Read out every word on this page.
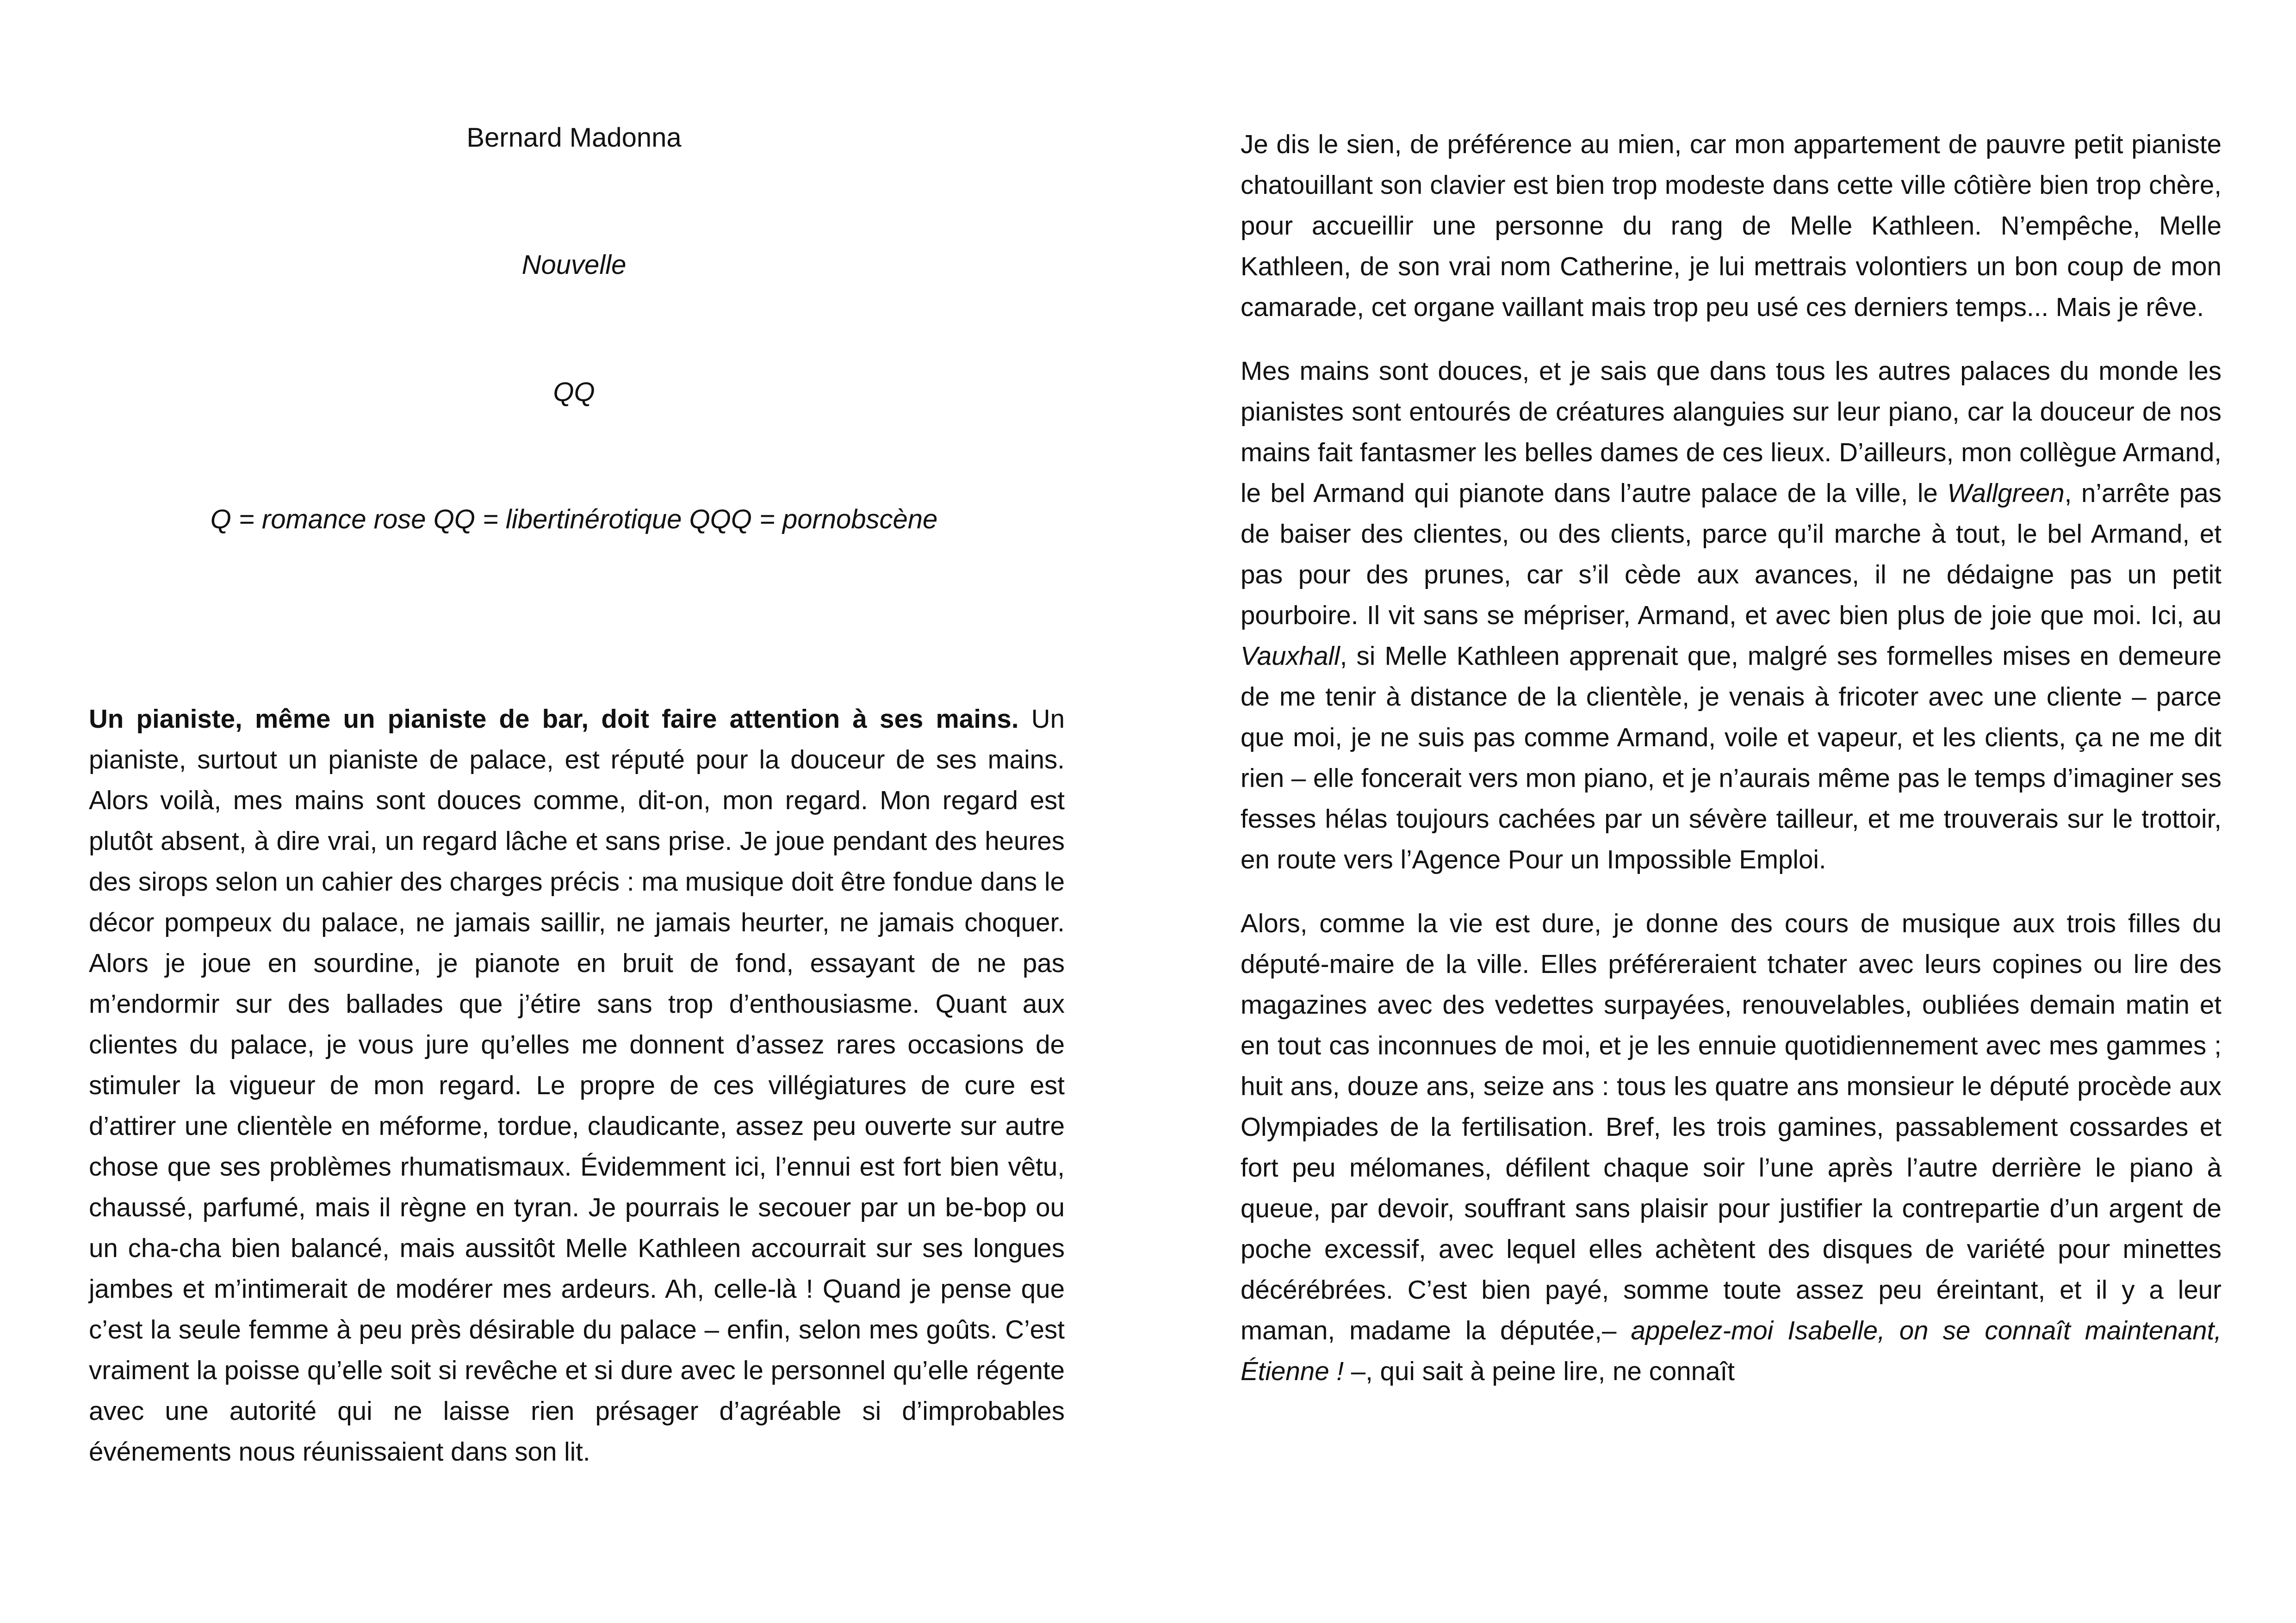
Bernard Madonna
Nouvelle
QQ
Q = romance rose QQ = libertinérotique QQQ = pornobscène

Un pianiste, même un pianiste de bar, doit faire attention à ses mains. Un pianiste, surtout un pianiste de palace, est réputé pour la douceur de ses mains. Alors voilà, mes mains sont douces comme, dit-on, mon regard. Mon regard est plutôt absent, à dire vrai, un regard lâche et sans prise. Je joue pendant des heures des sirops selon un cahier des charges précis : ma musique doit être fondue dans le décor pompeux du palace, ne jamais saillir, ne jamais heurter, ne jamais choquer. Alors je joue en sourdine, je pianote en bruit de fond, essayant de ne pas m’endormir sur des ballades que j’étire sans trop d’enthousiasme. Quant aux clientes du palace, je vous jure qu’elles me donnent d’assez rares occasions de stimuler la vigueur de mon regard. Le propre de ces villégiatures de cure est d’attirer une clientèle en méforme, tordue, claudicante, assez peu ouverte sur autre chose que ses problèmes rhumatismaux. Évidemment ici, l’ennui est fort bien vêtu, chaussé, parfumé, mais il règne en tyran. Je pourrais le secouer par un be-bop ou un cha-cha bien balancé, mais aussitôt Melle Kathleen accourrait sur ses longues jambes et m’intimerait de modérer mes ardeurs. Ah, celle-là ! Quand je pense que c’est la seule femme à peu près désirable du palace – enfin, selon mes goûts. C’est vraiment la poisse qu’elle soit si revêche et si dure avec le personnel qu’elle régente avec une autorité qui ne laisse rien présager d’agréable si d’improbables événements nous réunissaient dans son lit.

Je dis le sien, de préférence au mien, car mon appartement de pauvre petit pianiste chatouillant son clavier est bien trop modeste dans cette ville côtière bien trop chère, pour accueillir une personne du rang de Melle Kathleen. N’empêche, Melle Kathleen, de son vrai nom Catherine, je lui mettrais volontiers un bon coup de mon camarade, cet organe vaillant mais trop peu usé ces derniers temps... Mais je rêve.

Mes mains sont douces, et je sais que dans tous les autres palaces du monde les pianistes sont entourés de créatures alanguies sur leur piano, car la douceur de nos mains fait fantasmer les belles dames de ces lieux. D’ailleurs, mon collègue Armand, le bel Armand qui pianote dans l’autre palace de la ville, le Wallgreen, n’arrête pas de baiser des clientes, ou des clients, parce qu’il marche à tout, le bel Armand, et pas pour des prunes, car s’il cède aux avances, il ne dédaigne pas un petit pourboire. Il vit sans se mépriser, Armand, et avec bien plus de joie que moi. Ici, au Vauxhall, si Melle Kathleen apprenait que, malgré ses formelles mises en demeure de me tenir à distance de la clientèle, je venais à fricoter avec une cliente – parce que moi, je ne suis pas comme Armand, voile et vapeur, et les clients, ça ne me dit rien – elle foncerait vers mon piano, et je n’aurais même pas le temps d’imaginer ses fesses hélas toujours cachées par un sévère tailleur, et me trouverais sur le trottoir, en route vers l’Agence Pour un Impossible Emploi.

Alors, comme la vie est dure, je donne des cours de musique aux trois filles du député-maire de la ville. Elles préféreraient tchater avec leurs copines ou lire des magazines avec des vedettes surpayées, renouvelables, oubliées demain matin et en tout cas inconnues de moi, et je les ennuie quotidiennement avec mes gammes ; huit ans, douze ans, seize ans : tous les quatre ans monsieur le député procède aux Olympiades de la fertilisation. Bref, les trois gamines, passablement cossardes et fort peu mélomanes, défilent chaque soir l’une après l’autre derrière le piano à queue, par devoir, souffrant sans plaisir pour justifier la contrepartie d’un argent de poche excessif, avec lequel elles achètent des disques de variété pour minettes décérébrées. C’est bien payé, somme toute assez peu éreintant, et il y a leur maman, madame la députée,– appelez-moi Isabelle, on se connaît maintenant, Étienne ! –, qui sait à peine lire, ne connaît
